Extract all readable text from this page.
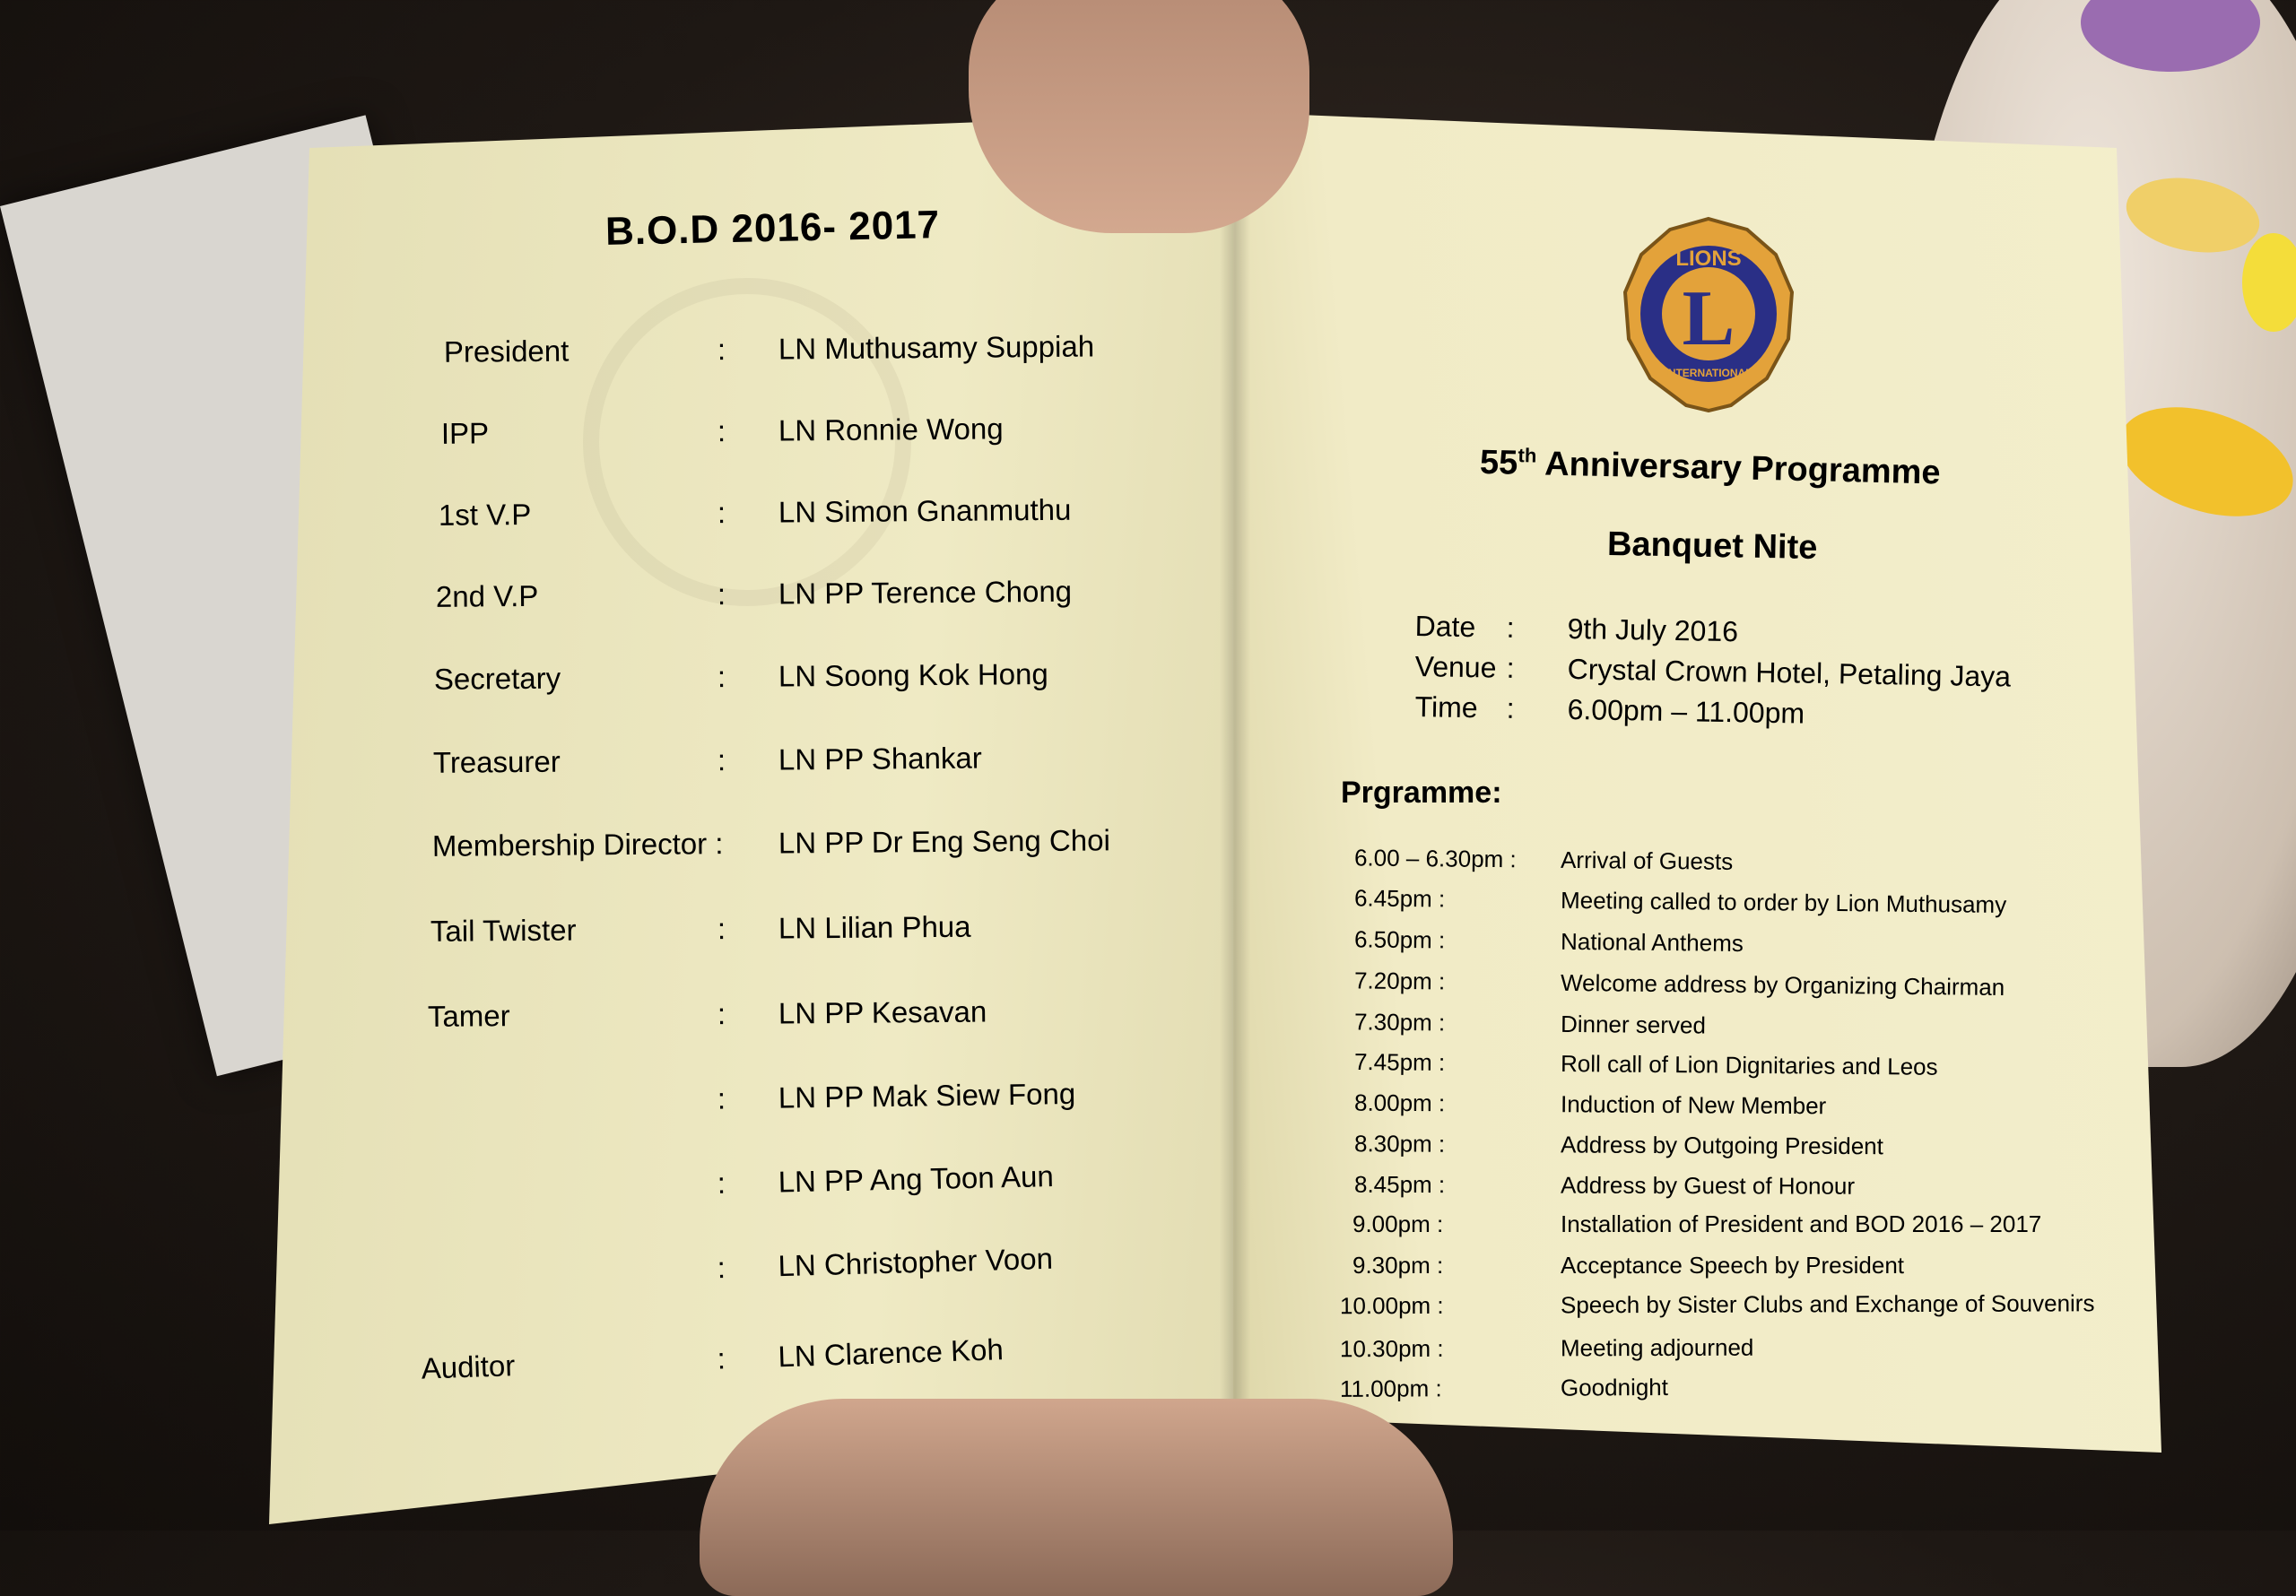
B.O.D 2016- 2017
President	: LN Muthusamy Suppiah
IPP	: LN Ronnie Wong
1st V.P	: LN Simon Gnanmuthu
2nd V.P	: LN PP Terence Chong
Secretary	: LN Soong Kok Hong
Treasurer	: LN PP Shankar
Membership Director : LN PP Dr Eng Seng Choi
Tail Twister	: LN Lilian Phua
Tamer	: LN PP Kesavan
: LN PP Mak Siew Fong
: LN PP Ang Toon Aun
: LN Christopher Voon
Auditor	: LN Clarence Koh
L
LIONS
INTERNATIONAL
55th Anniversary Programme
Banquet Nite
Date : 9th July 2016
Venue : Crystal Crown Hotel, Petaling Jaya
Time : 6.00pm – 11.00pm
Prgramme:
6.00 – 6.30pm : Arrival of Guests
6.45pm :	Meeting called to order by Lion Muthusamy
6.50pm :	National Anthems
7.20pm :	Welcome address by Organizing Chairman
7.30pm :	Dinner served
7.45pm :	Roll call of Lion Dignitaries and Leos
8.00pm :	Induction of New Member
8.30pm :	Address by Outgoing President
8.45pm :	Address by Guest of Honour
9.00pm :	Installation of President and BOD 2016 – 2017
9.30pm :	Acceptance Speech by President
10.00pm :	Speech by Sister Clubs and Exchange of Souvenirs
10.30pm :	Meeting adjourned
11.00pm :	Goodnight
